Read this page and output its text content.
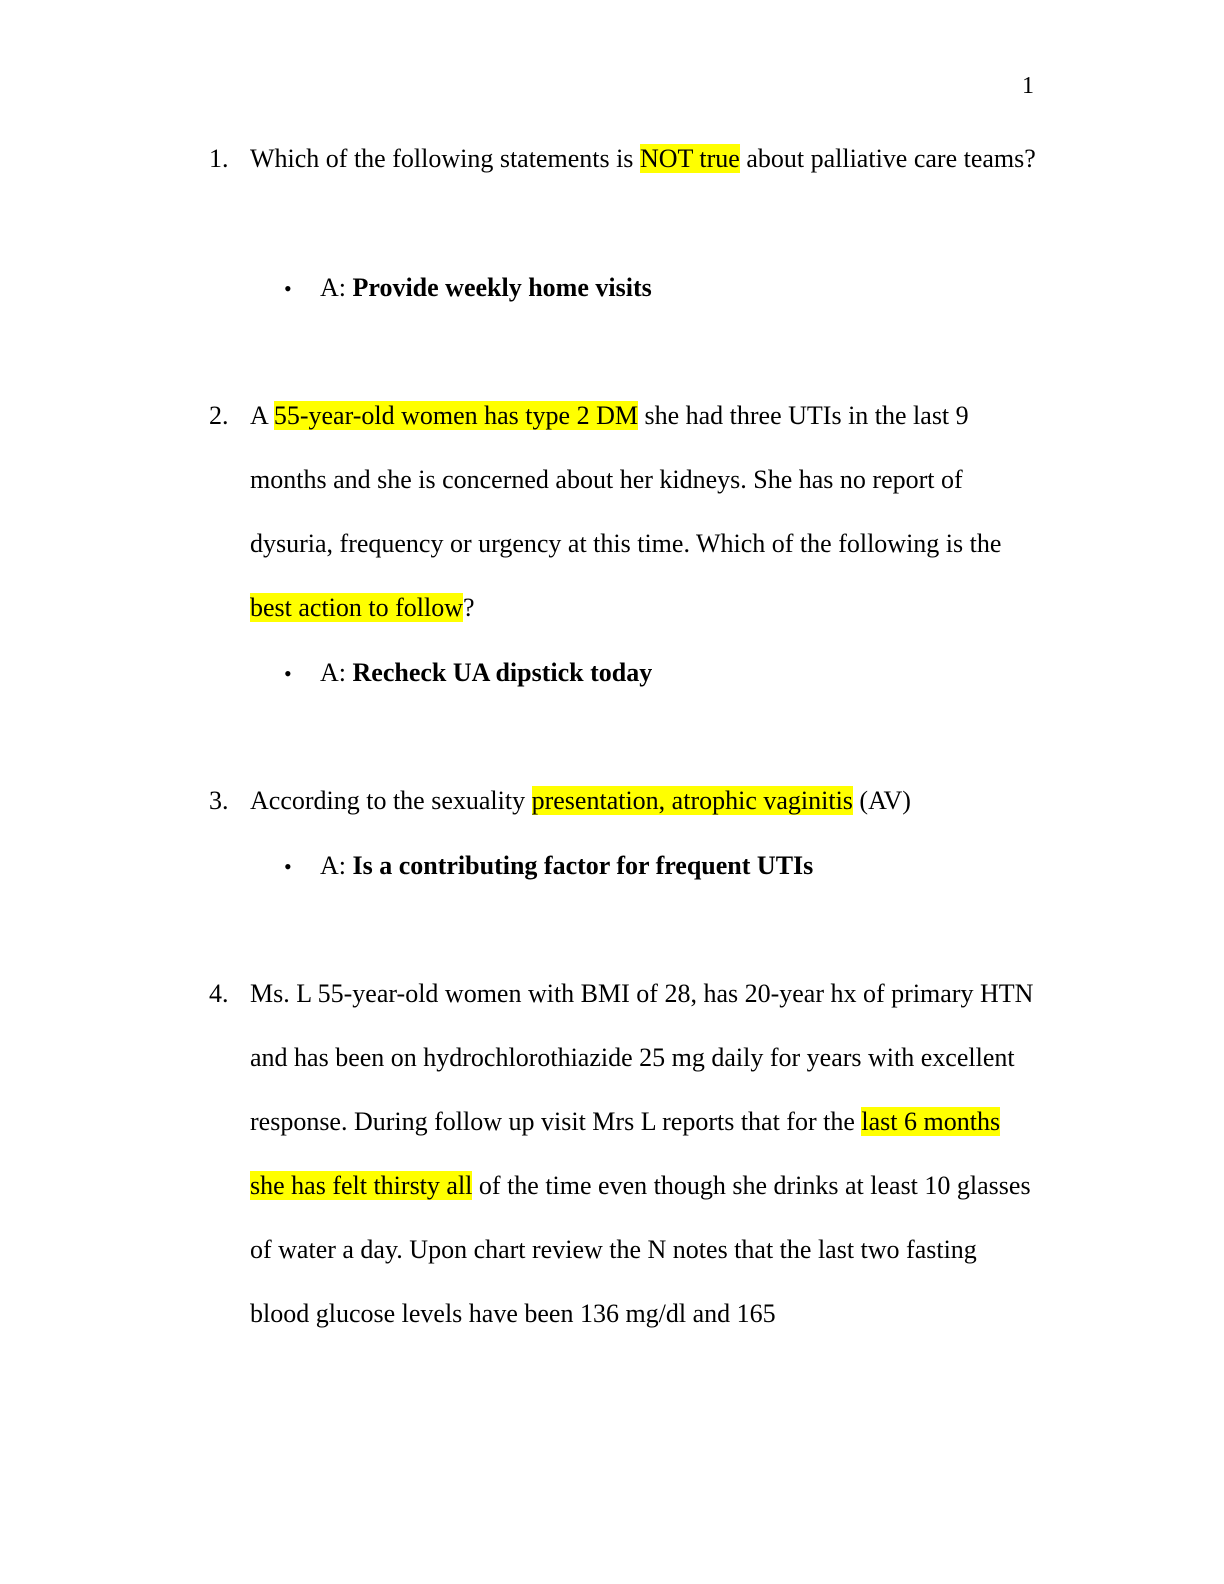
1
1. Which of the following statements is NOT true about palliative care teams?
• A: Provide weekly home visits
2. A 55-year-old women has type 2 DM she had three UTIs in the last 9 months and she is concerned about her kidneys. She has no report of dysuria, frequency or urgency at this time. Which of the following is the best action to follow?
• A: Recheck UA dipstick today
3. According to the sexuality presentation, atrophic vaginitis (AV)
• A: Is a contributing factor for frequent UTIs
4. Ms. L 55-year-old women with BMI of 28, has 20-year hx of primary HTN and has been on hydrochlorothiazide 25 mg daily for years with excellent response. During follow up visit Mrs L reports that for the last 6 months she has felt thirsty all of the time even though she drinks at least 10 glasses of water a day. Upon chart review the N notes that the last two fasting blood glucose levels have been 136 mg/dl and 165
